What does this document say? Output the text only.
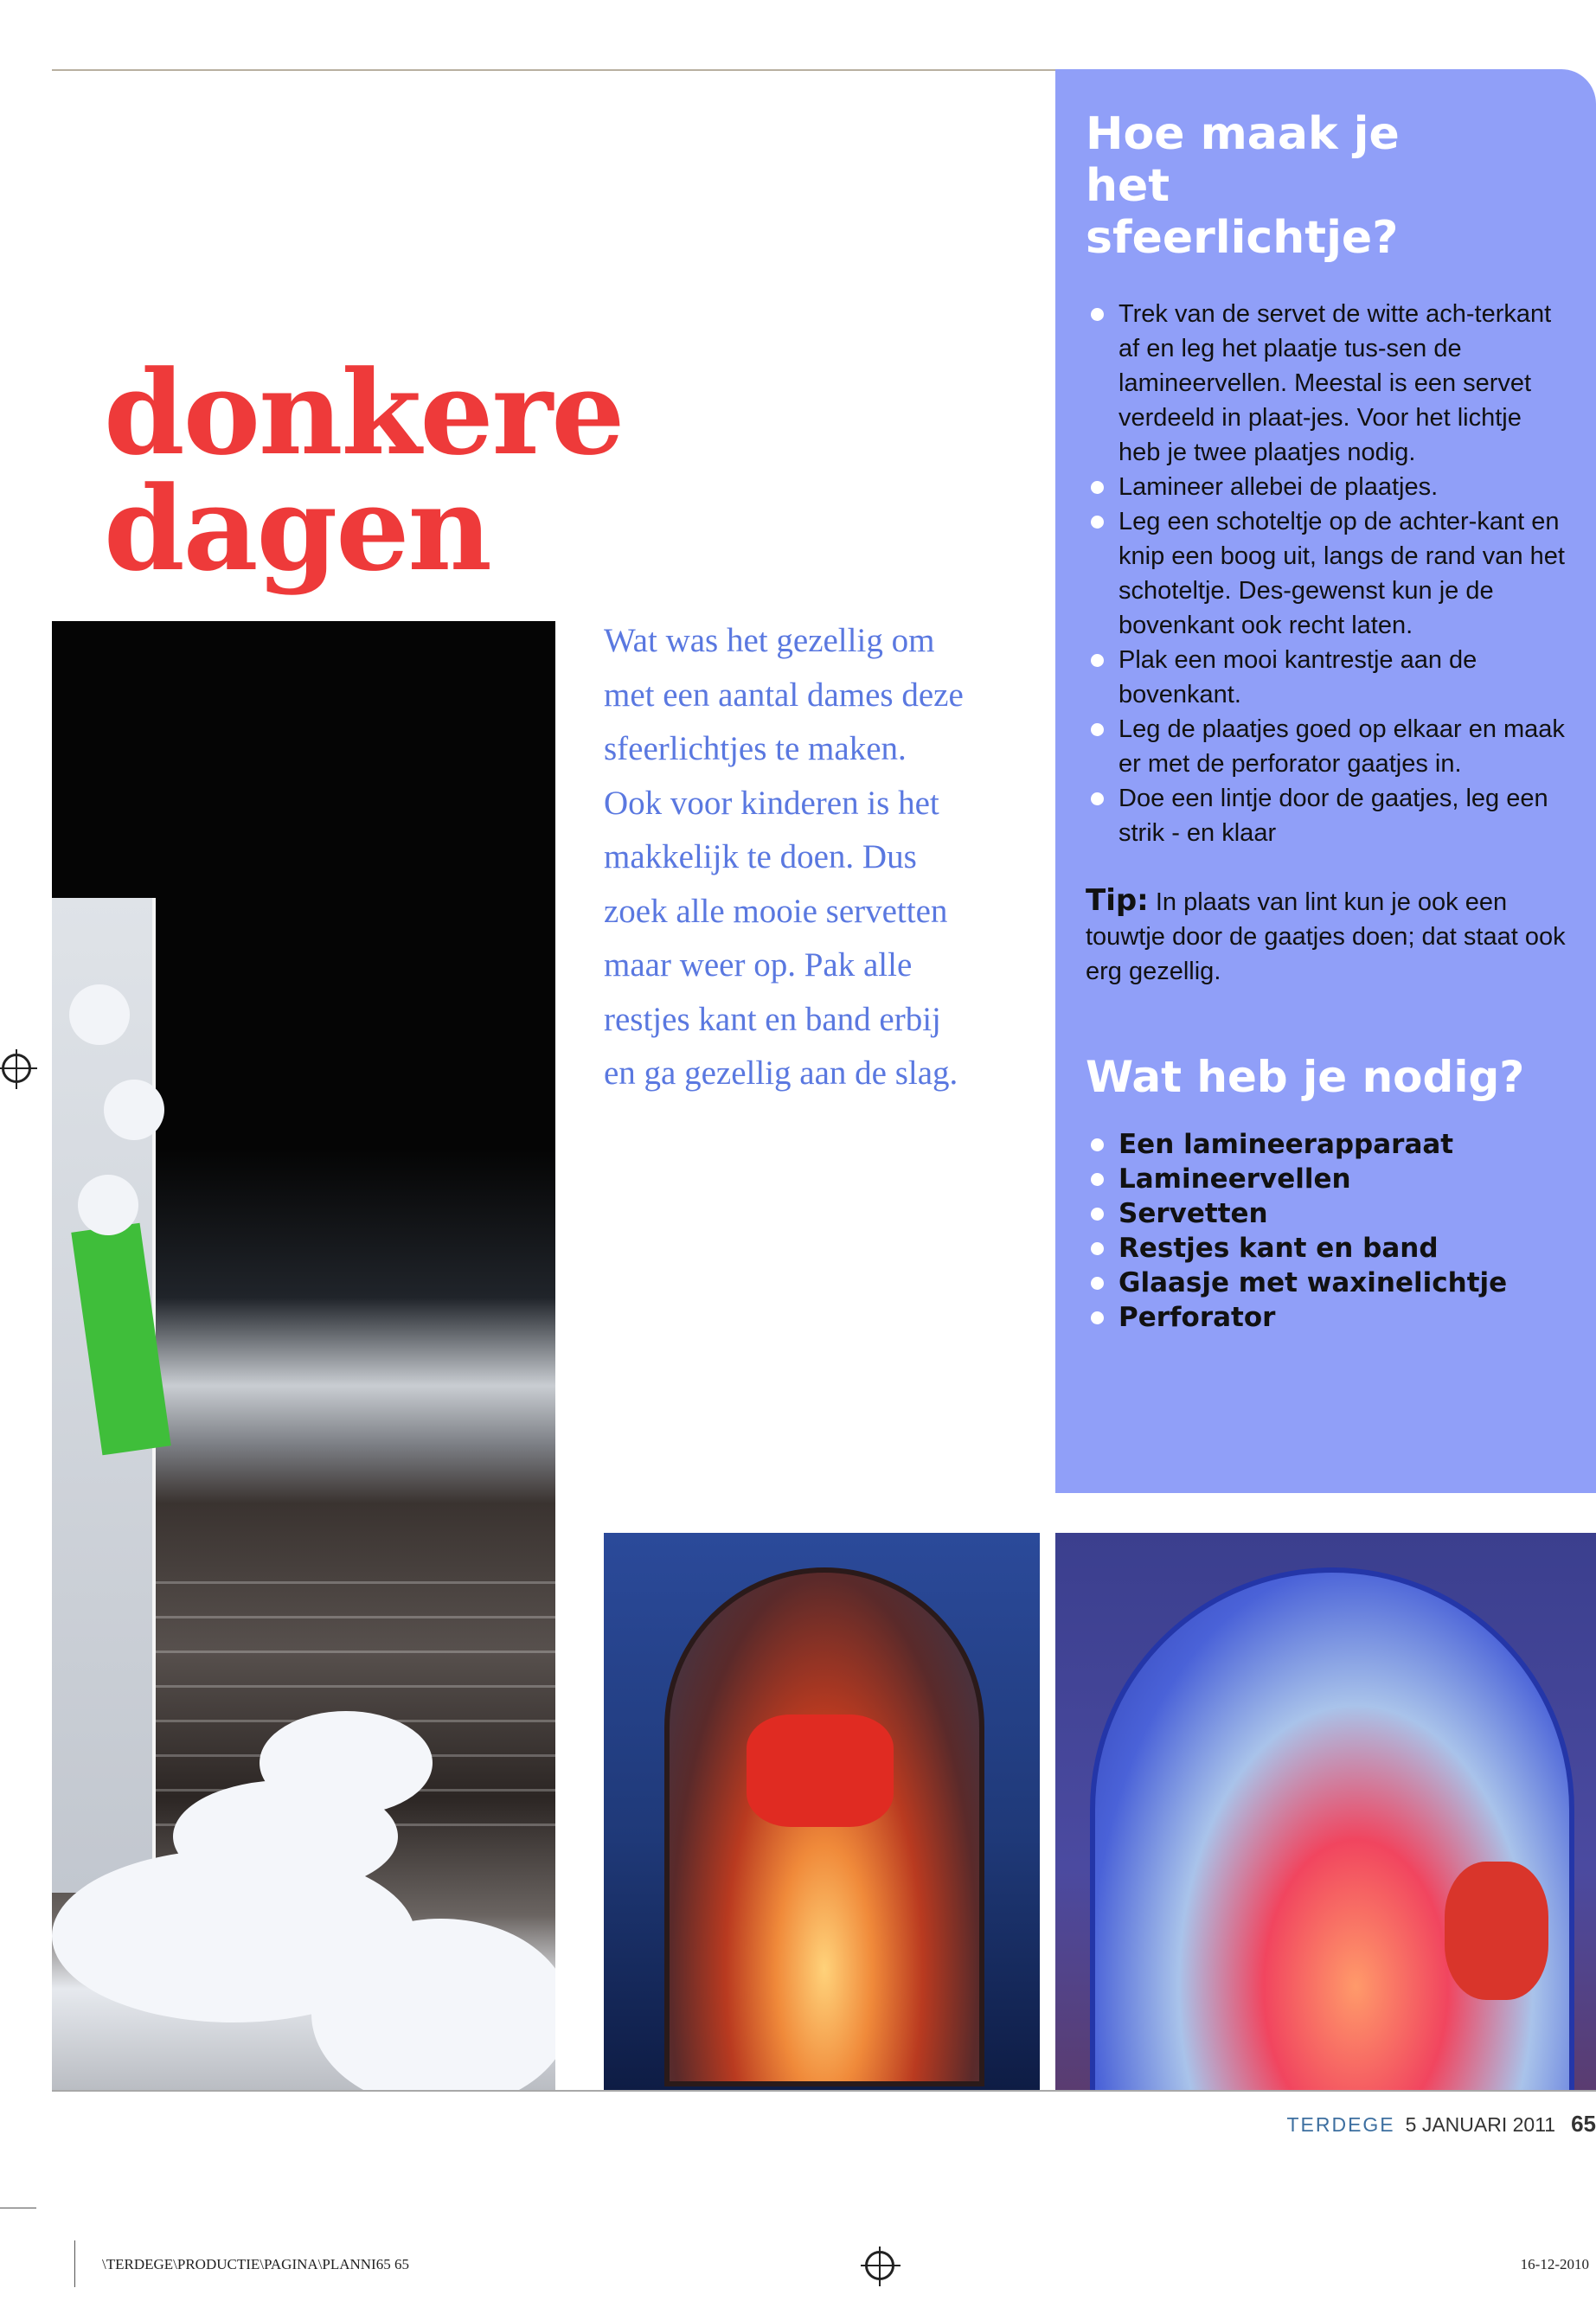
donkere dagen

Wat was het gezellig om met een aantal dames deze sfeerlichtjes te maken. Ook voor kinderen is het makkelijk te doen. Dus zoek alle mooie servetten maar weer op. Pak alle restjes kant en band erbij en ga gezellig aan de slag.

Hoe maak je het sfeerlichtje?
Trek van de servet de witte ach-terkant af en leg het plaatje tus-sen de lamineervellen. Meestal is een servet verdeeld in plaat-jes. Voor het lichtje heb je twee plaatjes nodig.
Lamineer allebei de plaatjes.
Leg een schoteltje op de achter-kant en knip een boog uit, langs de rand van het schoteltje. Des-gewenst kun je de bovenkant ook recht laten.
Plak een mooi kantrestje aan de bovenkant.
Leg de plaatjes goed op elkaar en maak er met de perforator gaatjes in.
Doe een lintje door de gaatjes, leg een strik - en klaar

Tip: In plaats van lint kun je ook een touwtje door de gaatjes doen; dat staat ook erg gezellig.

Wat heb je nodig?
Een lamineerapparaat
Lamineervellen
Servetten
Restjes kant en band
Glaasje met waxinelichtje
Perforator
TERDEGE 5 JANUARI 2011 65
\TERDEGE\PRODUCTIE\PAGINA\PLANNI65 65	16-12-2010
